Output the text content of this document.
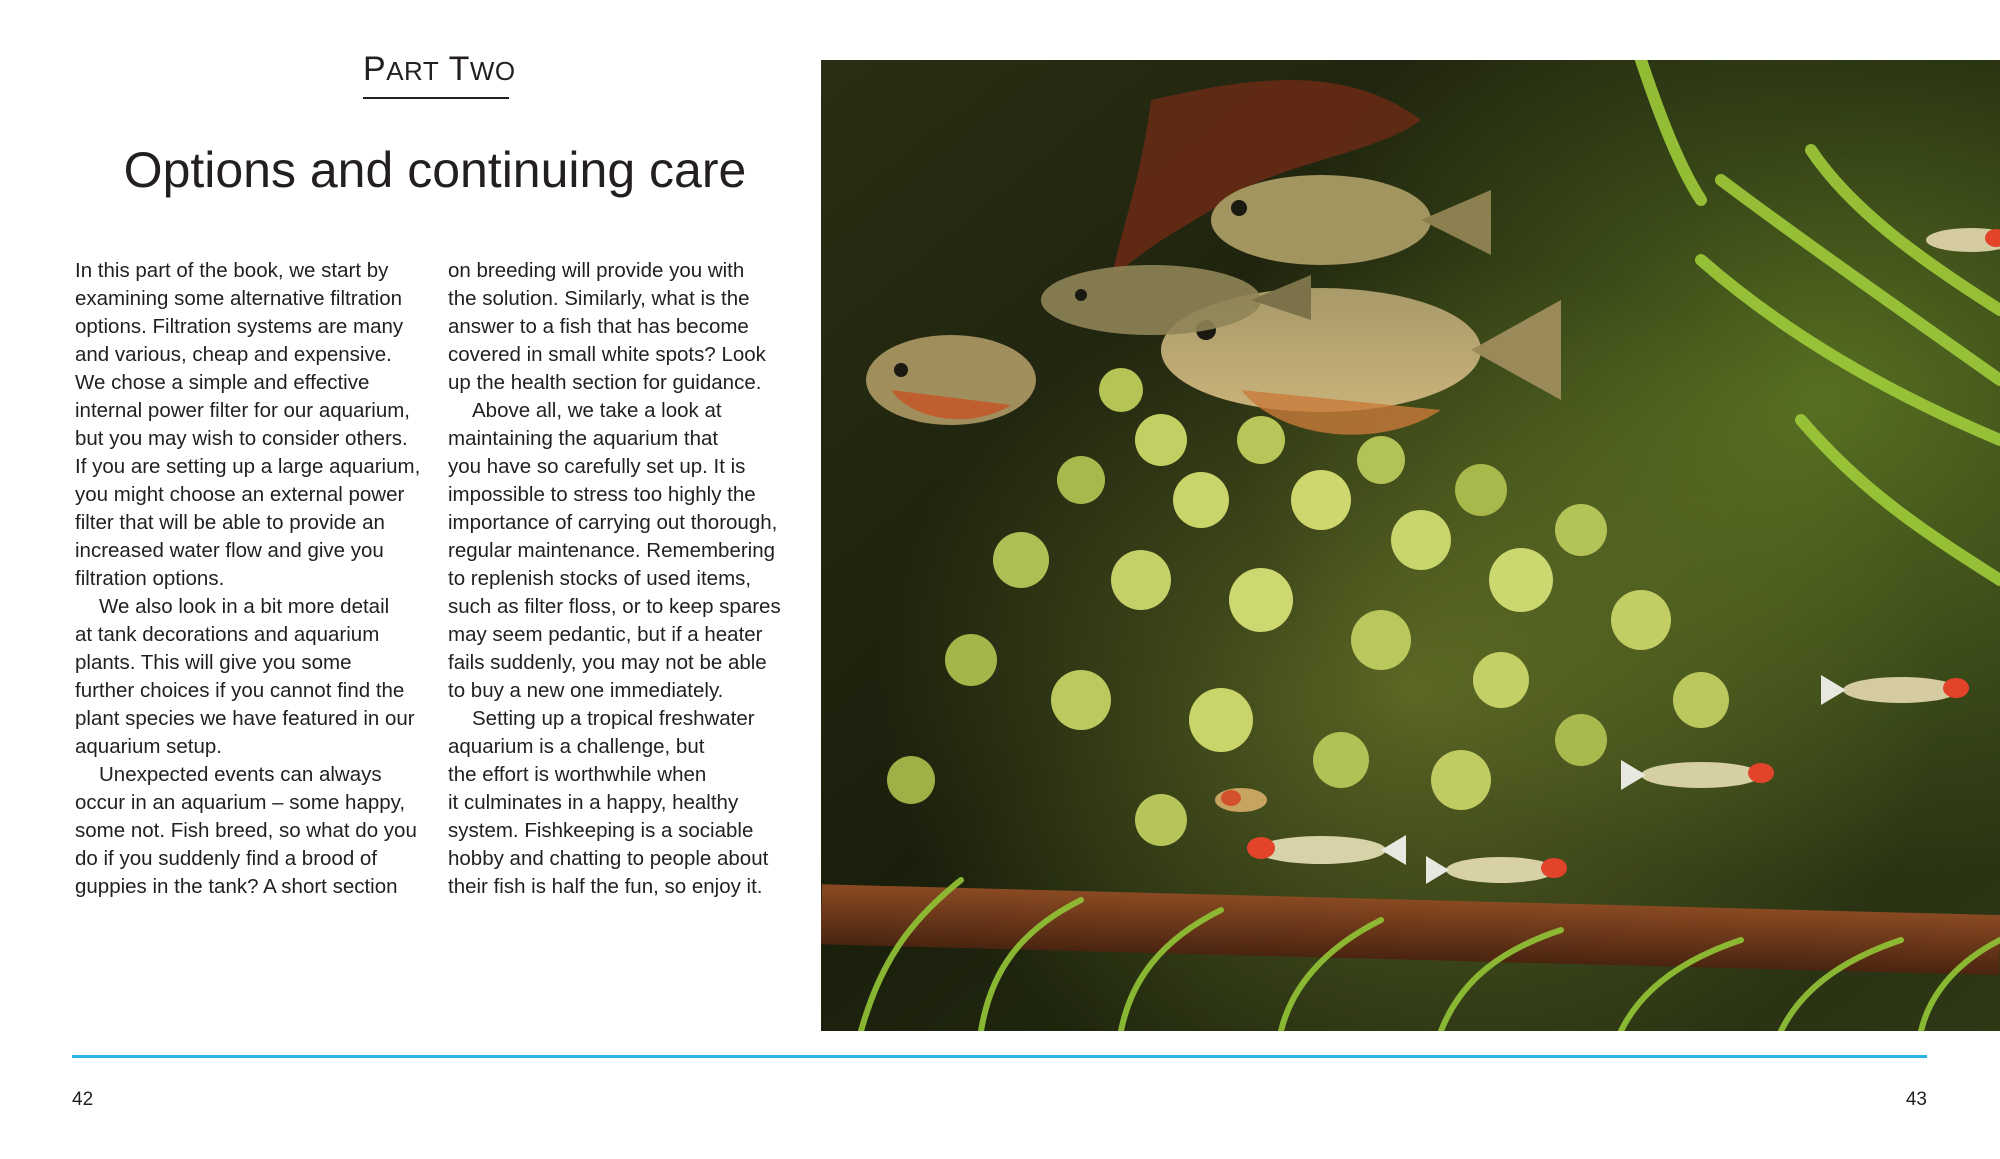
PART TWO
Options and continuing care
In this part of the book, we start by
examining some alternative filtration
options. Filtration systems are many
and various, cheap and expensive.
We chose a simple and effective
internal power filter for our aquarium,
but you may wish to consider others.
If you are setting up a large aquarium,
you might choose an external power
filter that will be able to provide an
increased water flow and give you
filtration options.
We also look in a bit more detail
at tank decorations and aquarium
plants. This will give you some
further choices if you cannot find the
plant species we have featured in our
aquarium setup.
Unexpected events can always
occur in an aquarium – some happy,
some not. Fish breed, so what do you
do if you suddenly find a brood of
guppies in the tank? A short section
on breeding will provide you with
the solution. Similarly, what is the
answer to a fish that has become
covered in small white spots? Look
up the health section for guidance.
Above all, we take a look at
maintaining the aquarium that
you have so carefully set up. It is
impossible to stress too highly the
importance of carrying out thorough,
regular maintenance. Remembering
to replenish stocks of used items,
such as filter floss, or to keep spares
may seem pedantic, but if a heater
fails suddenly, you may not be able
to buy a new one immediately.
Setting up a tropical freshwater
aquarium is a challenge, but
the effort is worthwhile when
it culminates in a happy, healthy
system. Fishkeeping is a sociable
hobby and chatting to people about
their fish is half the fun, so enjoy it.
42	43
